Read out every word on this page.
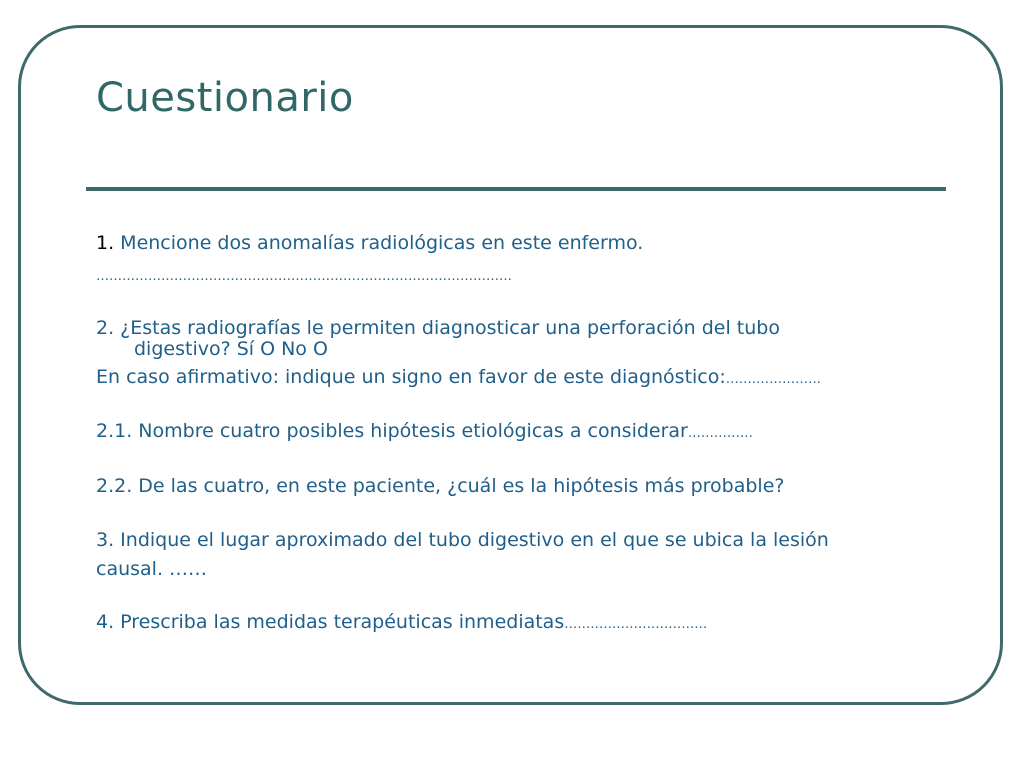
Cuestionario
1. Mencione dos anomalías radiológicas en este enfermo.
……………………………………………………………………………………
2. ¿Estas radiografías le permiten diagnosticar una perforación del tubo
digestivo? Sí O No O
En caso afirmativo: indique un signo en favor de este diagnóstico:………………….
2.1. Nombre cuatro posibles hipótesis etiológicas a considerar……………
2.2. De las cuatro, en este paciente, ¿cuál es la hipótesis más probable?
3. Indique el lugar aproximado del tubo digestivo en el que se ubica la lesión
causal. ……
4. Prescriba las medidas terapéuticas inmediatas……………………………
